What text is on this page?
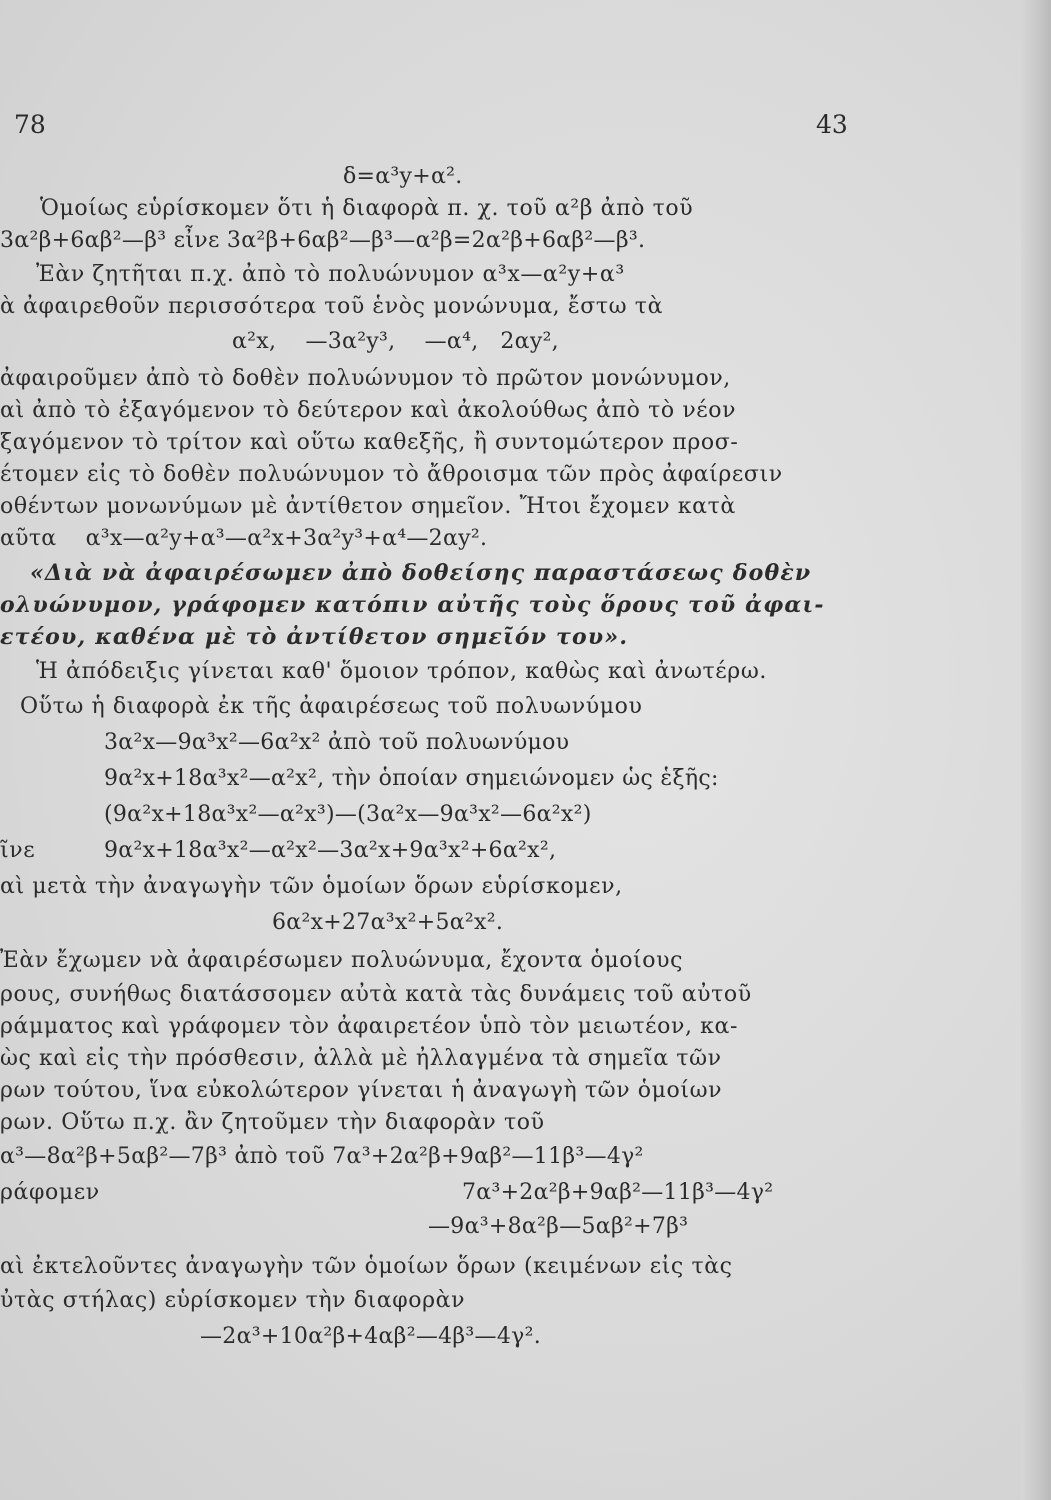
78	43
δ=α³y+α².
Ὁμοίως εὑρίσκομεν ὅτι ἡ διαφορὰ π. χ. τοῦ α²β ἀπὸ τοῦ
3α²β+6αβ²—β³ εἶνε 3α²β+6αβ²—β³—α²β=2α²β+6αβ²—β³.
Ἐὰν ζητῆται π.χ. ἀπὸ τὸ πολυώνυμον α³x—α²y+α³
ὰ ἀφαιρεθοῦν περισσότερα τοῦ ἑνὸς μονώνυμα, ἔστω τὰ
α²x,    —3α²y³,    —α⁴,   2αy²,
ἀφαιροῦμεν ἀπὸ τὸ δοθὲν πολυώνυμον τὸ πρῶτον μονώνυμον,
αὶ ἀπὸ τὸ ἐξαγόμενον τὸ δεύτερον καὶ ἀκολούθως ἀπὸ τὸ νέον
ξαγόμενον τὸ τρίτον καὶ οὕτω καθεξῆς, ἢ συντομώτερον προσ-
έτομεν εἰς τὸ δοθὲν πολυώνυμον τὸ ἄθροισμα τῶν πρὸς ἀφαίρεσιν
οθέντων μονωνύμων μὲ ἀντίθετον σημεῖον. Ἤτοι ἔχομεν κατὰ
αῦτα    α³x—α²y+α³—α²x+3α²y³+α⁴—2αy².
«Διὰ νὰ ἀφαιρέσωμεν ἀπὸ δοθείσης παραστάσεως δοθὲν
ολυώνυμον, γράφομεν κατόπιν αὐτῆς τοὺς ὅρους τοῦ ἀφαι-
ετέου, καθένα μὲ τὸ ἀντίθετον σημεῖόν του».
Ἡ ἀπόδειξις γίνεται καθ' ὅμοιον τρόπον, καθὼς καὶ ἀνωτέρω.
Οὕτω ἡ διαφορὰ ἐκ τῆς ἀφαιρέσεως τοῦ πολυωνύμου
3α²x—9α³x²—6α²x² ἀπὸ τοῦ πολυωνύμου
9α²x+18α³x²—α²x², τὴν ὁποίαν σημειώνομεν ὡς ἑξῆς:
(9α²x+18α³x²—α²x³)—(3α²x—9α³x²—6α²x²)
ῖνε	9α²x+18α³x²—α²x²—3α²x+9α³x²+6α²x²,
αὶ μετὰ τὴν ἀναγωγὴν τῶν ὁμοίων ὅρων εὑρίσκομεν,
6α²x+27α³x²+5α²x².
Ἐὰν ἔχωμεν νὰ ἀφαιρέσωμεν πολυώνυμα, ἔχοντα ὁμοίους
ρους, συνήθως διατάσσομεν αὐτὰ κατὰ τὰς δυνάμεις τοῦ αὐτοῦ
ράμματος καὶ γράφομεν τὸν ἀφαιρετέον ὑπὸ τὸν μειωτέον, κα-
ὼς καὶ εἰς τὴν πρόσθεσιν, ἀλλὰ μὲ ἠλλαγμένα τὰ σημεῖα τῶν
ρων τούτου, ἵνα εὐκολώτερον γίνεται ἡ ἀναγωγὴ τῶν ὁμοίων
ρων. Οὕτω π.χ. ἂν ζητοῦμεν τὴν διαφορὰν τοῦ
α³—8α²β+5αβ²—7β³ ἀπὸ τοῦ 7α³+2α²β+9αβ²—11β³—4γ²
ράφομεν	7α³+2α²β+9αβ²—11β³—4γ²
—9α³+8α²β—5αβ²+7β³
αὶ ἐκτελοῦντες ἀναγωγὴν τῶν ὁμοίων ὅρων (κειμένων εἰς τὰς
ὐτὰς στήλας) εὑρίσκομεν τὴν διαφορὰν
—2α³+10α²β+4αβ²—4β³—4γ².
